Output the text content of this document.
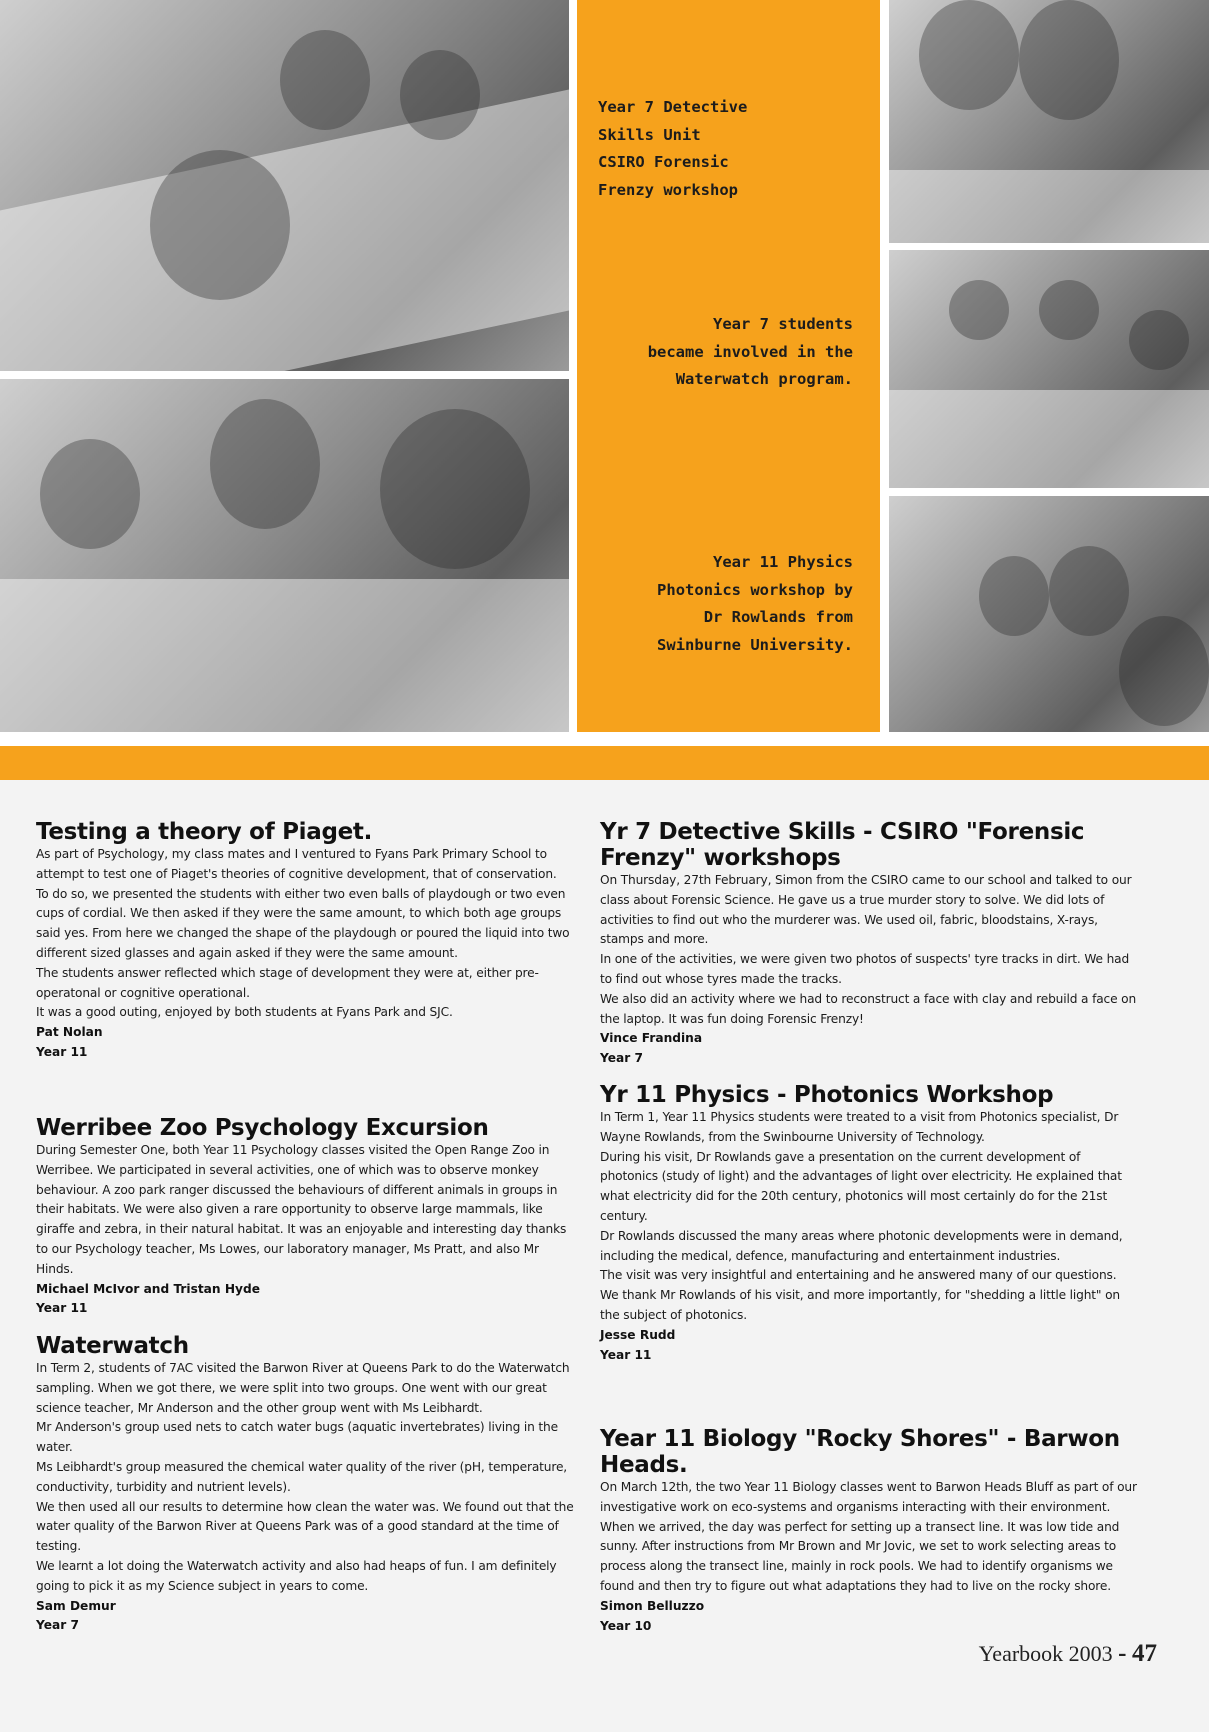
Year 7 Detective
Skills Unit
CSIRO Forensic
Frenzy workshop

Year 7 students
became involved in the
Waterwatch program.

Year 11 Physics
Photonics workshop by
Dr Rowlands from
Swinburne University.

Testing a theory of Piaget.

As part of Psychology, my class mates and I ventured to Fyans Park Primary School to attempt to test one of Piaget's theories of cognitive development, that of conservation.

To do so, we presented the students with either two even balls of playdough or two even cups of cordial. We then asked if they were the same amount, to which both age groups said yes. From here we changed the shape of the playdough or poured the liquid into two different sized glasses and again asked if they were the same amount.

The students answer reflected which stage of development they were at, either pre-operatonal or cognitive operational.

It was a good outing, enjoyed by both students at Fyans Park and SJC.

Pat Nolan
Year 11
Werribee Zoo Psychology Excursion

During Semester One, both Year 11 Psychology classes visited the Open Range Zoo in Werribee. We participated in several activities, one of which was to observe monkey behaviour. A zoo park ranger discussed the behaviours of different animals in groups in their habitats. We were also given a rare opportunity to observe large mammals, like giraffe and zebra, in their natural habitat. It was an enjoyable and interesting day thanks to our Psychology teacher, Ms Lowes, our laboratory manager, Ms Pratt, and also Mr Hinds.

Michael McIvor and Tristan Hyde
Year 11
Waterwatch

In Term 2, students of 7AC visited the Barwon River at Queens Park to do the Waterwatch sampling. When we got there, we were split into two groups. One went with our great science teacher, Mr Anderson and the other group went with Ms Leibhardt.

Mr Anderson's group used nets to catch water bugs (aquatic invertebrates) living in the water.

Ms Leibhardt's group measured the chemical water quality of the river (pH, temperature, conductivity, turbidity and nutrient levels).

We then used all our results to determine how clean the water was. We found out that the water quality of the Barwon River at Queens Park was of a good standard at the time of testing.

We learnt a lot doing the Waterwatch activity and also had heaps of fun. I am definitely going to pick it as my Science subject in years to come.

Sam Demur
Year 7
Yr 7 Detective Skills - CSIRO "Forensic Frenzy" workshops

On Thursday, 27th February, Simon from the CSIRO came to our school and talked to our class about Forensic Science. He gave us a true murder story to solve. We did lots of activities to find out who the murderer was. We used oil, fabric, bloodstains, X-rays, stamps and more.

In one of the activities, we were given two photos of suspects' tyre tracks in dirt. We had to find out whose tyres made the tracks.

We also did an activity where we had to reconstruct a face with clay and rebuild a face on the laptop. It was fun doing Forensic Frenzy!

Vince Frandina
Year 7
Yr 11 Physics - Photonics Workshop

In Term 1, Year 11 Physics students were treated to a visit from Photonics specialist, Dr Wayne Rowlands, from the Swinbourne University of Technology.

During his visit, Dr Rowlands gave a presentation on the current development of photonics (study of light) and the advantages of light over electricity. He explained that what electricity did for the 20th century, photonics will most certainly do for the 21st century.

Dr Rowlands discussed the many areas where photonic developments were in demand, including the medical, defence, manufacturing and entertainment industries.

The visit was very insightful and entertaining and he answered many of our questions.

We thank Mr Rowlands of his visit, and more importantly, for "shedding a little light" on the subject of photonics.

Jesse Rudd
Year 11
Year 11 Biology "Rocky Shores" - Barwon Heads.

On March 12th, the two Year 11 Biology classes went to Barwon Heads Bluff as part of our investigative work on eco-systems and organisms interacting with their environment. When we arrived, the day was perfect for setting up a transect line. It was low tide and sunny. After instructions from Mr Brown and Mr Jovic, we set to work selecting areas to process along the transect line, mainly in rock pools. We had to identify organisms we found and then try to figure out what adaptations they had to live on the rocky shore.

Simon Belluzzo
Year 10

Yearbook 2003 - 47
